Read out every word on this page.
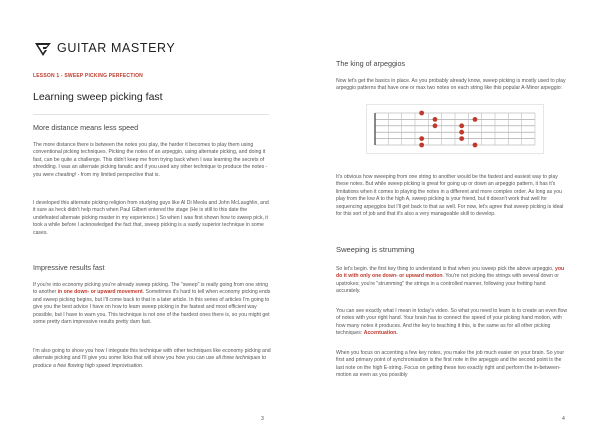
GUITAR MASTERY
LESSON 1 - SWEEP PICKING PERFECTION
Learning sweep picking fast
More distance means less speed

The more distance there is between the notes you play, the harder it becomes to play them using conventional picking techniques. Picking the notes of an arpeggio, using alternate picking, and doing it fast, can be quite a challenge. This didn't keep me from trying back when I was learning the secrets of shredding. I was an alternate picking fanatic and if you used any other technique to produce the notes - you were cheating! - from my limited perspective that is.

I developed this alternate picking religion from studying guys like Al Di Meola and John McLaughlin, and it sure as heck didn't help much when Paul Gilbert entered the stage (He is still to this date the undefeated alternate picking master in my experience.) So when I was first shown how to sweep pick, it took a while before I acknowledged the fact that, sweep picking is a vastly superior technique in some cases.

Impressive results fast

If you're into economy picking you're already sweep picking. The "sweep" is really going from one string to another in one down- or upward movement. Sometimes it's hard to tell when economy picking ends and sweep picking begins, but I'll come back to that in a later article. In this series of articles I'm going to give you the best advice I have on how to learn sweep picking in the fastest and most efficient way possible, but I have to warn you. This technique is not one of the hardest ones there is, so you might get some pretty darn impressive results pretty darn fast.

I'm also going to show you how I integrate this technique with other techniques like economy picking and alternate picking and I'll give you some licks that will show you how you can use all three techniques to produce a free flowing high speed improvisation.

3
The king of arpeggios

Now let's get the basics in place. As you probably already know, sweep picking is mostly used to play arpeggio patterns that have one or max two notes on each string like this popular A-Minor arpeggio:

It's obvious how sweeping from one string to another would be the fastest and easiest way to play these notes. But while sweep picking is great for going up or down an arpeggio pattern, it has it's limitations when it comes to playing the notes in a different and more complex order. As long as you play from the low A to the high A, sweep picking is your friend, but it doesn't work that well for sequencing arpeggios but I'll get back to that as well. For now, let's agree that sweep picking is ideal for this sort of job and that it's also a very manageable skill to develop.

Sweeping is strumming

So let's begin. the first key thing to understand is that when you sweep pick the above arpeggio, you do it with only one down- or upward motion. You're not picking the strings with several down or upstrokes; you're "strumming" the strings in a controlled manner, following your fretting hand accurately.

You can see exactly what I mean in today's video. So what you need to learn is to create an even flow of notes with your right hand. Your brain has to connect the speed of your picking hand motion, with how many notes it produces. And the key to teaching it this, is the same as for all other picking techniques: Accentuation.

When you focus on accenting a few key notes, you make the job much easier on your brain. So your first and primary point of synchronisation is the first note in the arpeggio and the second point is the last note on the high E-string. Focus on getting these two exactly right and perform the in-between-motion as even as you possibly

4
